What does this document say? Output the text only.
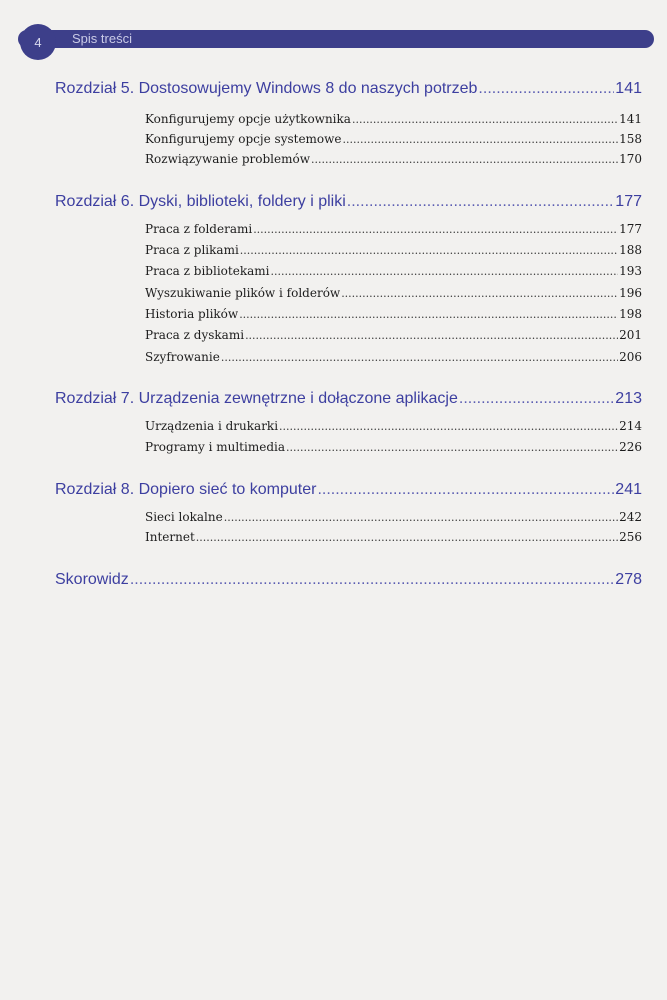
4 Spis treści
Rozdział 5. Dostosowujemy Windows 8 do naszych potrzeb .....	141
Konfigurujemy opcje użytkownika .....	141
Konfigurujemy opcje systemowe .....	158
Rozwiązywanie problemów .....	170
Rozdział 6. Dyski, biblioteki, foldery i pliki .....	177
Praca z folderami .....	177
Praca z plikami .....	188
Praca z bibliotekami .....	193
Wyszukiwanie plików i folderów .....	196
Historia plików .....	198
Praca z dyskami .....	201
Szyfrowanie .....	206
Rozdział 7. Urządzenia zewnętrzne i dołączone aplikacje .....	213
Urządzenia i drukarki .....	214
Programy i multimedia .....	226
Rozdział 8. Dopiero sieć to komputer .....	241
Sieci lokalne .....	242
Internet .....	256
Skorowidz .....	278
